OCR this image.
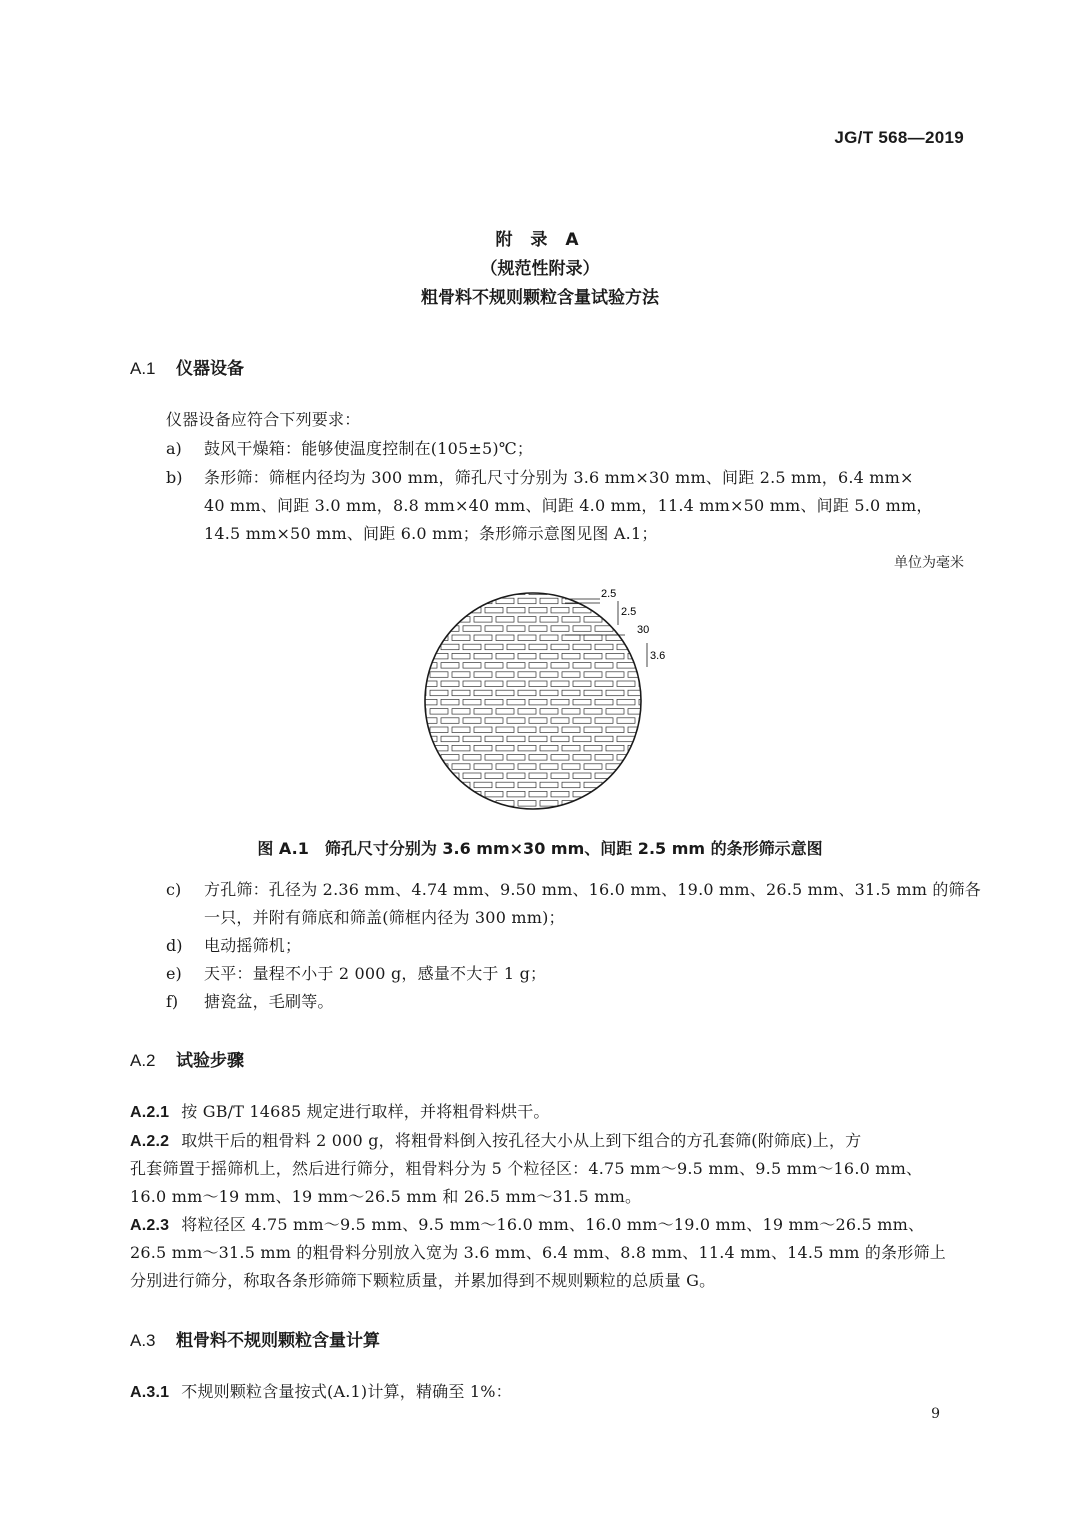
JG/T 568—2019
附 录 A
（规范性附录）
粗骨料不规则颗粒含量试验方法
A.1 仪器设备
仪器设备应符合下列要求：
a) 鼓风干燥箱：能够使温度控制在(105±5)℃；
b) 条形筛：筛框内径均为 300 mm，筛孔尺寸分别为 3.6 mm×30 mm、间距 2.5 mm，6.4 mm×
40 mm、间距 3.0 mm，8.8 mm×40 mm、间距 4.0 mm，11.4 mm×50 mm、间距 5.0 mm，
14.5 mm×50 mm、间距 6.0 mm；条形筛示意图见图 A.1；
单位为毫米
2.5
2.5
30
3.6
图 A.1　筛孔尺寸分别为 3.6 mm×30 mm、间距 2.5 mm 的条形筛示意图
c) 方孔筛：孔径为 2.36 mm、4.74 mm、9.50 mm、16.0 mm、19.0 mm、26.5 mm、31.5 mm 的筛各
一只，并附有筛底和筛盖(筛框内径为 300 mm)；
d) 电动摇筛机；
e) 天平：量程不小于 2 000 g，感量不大于 1 g；
f) 搪瓷盆，毛刷等。
A.2 试验步骤
A.2.1 按 GB/T 14685 规定进行取样，并将粗骨料烘干。
A.2.2 取烘干后的粗骨料 2 000 g，将粗骨料倒入按孔径大小从上到下组合的方孔套筛(附筛底)上，方
孔套筛置于摇筛机上，然后进行筛分，粗骨料分为 5 个粒径区：4.75 mm～9.5 mm、9.5 mm～16.0 mm、
16.0 mm～19 mm、19 mm～26.5 mm 和 26.5 mm～31.5 mm。
A.2.3 将粒径区 4.75 mm～9.5 mm、9.5 mm～16.0 mm、16.0 mm～19.0 mm、19 mm～26.5 mm、
26.5 mm～31.5 mm 的粗骨料分别放入宽为 3.6 mm、6.4 mm、8.8 mm、11.4 mm、14.5 mm 的条形筛上
分别进行筛分，称取各条形筛筛下颗粒质量，并累加得到不规则颗粒的总质量 G。
A.3 粗骨料不规则颗粒含量计算
A.3.1 不规则颗粒含量按式(A.1)计算，精确至 1%：
9
